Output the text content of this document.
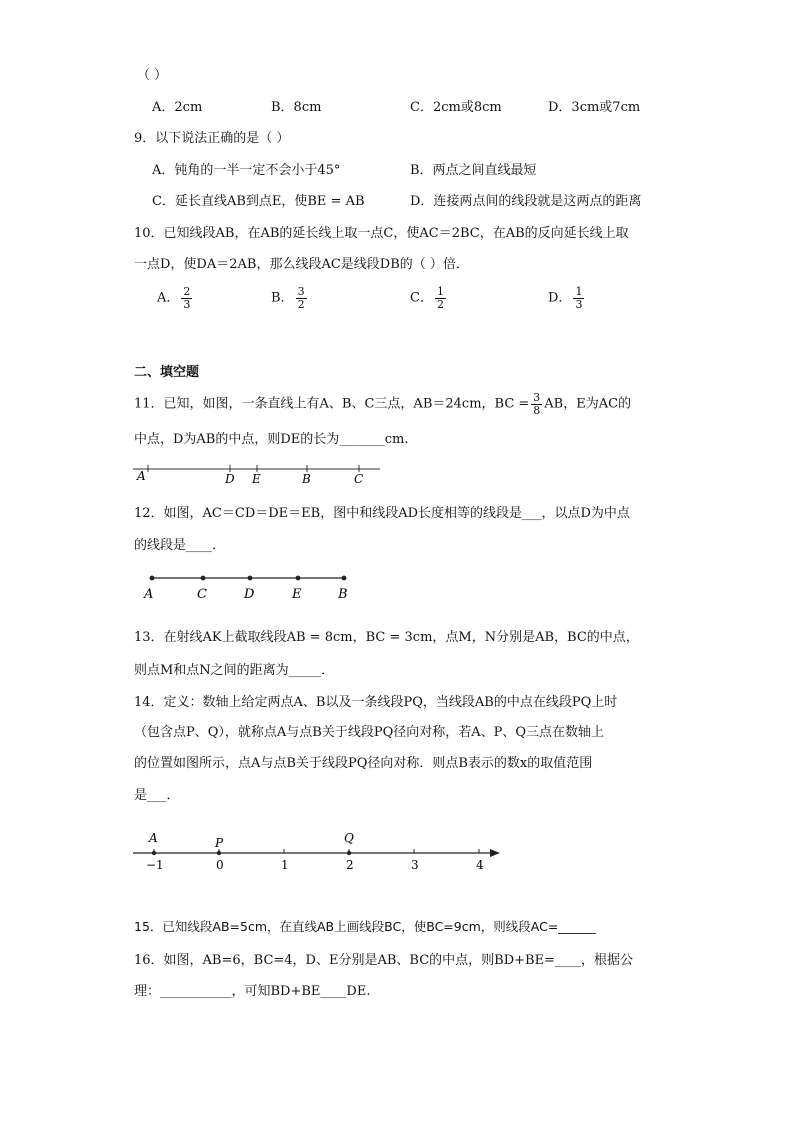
（ ）
A．2cm	B．8cm	C．2cm或8cm	D．3cm或7cm
9．以下说法正确的是（ ）
A．钝角的一半一定不会小于45°	B．两点之间直线最短
C．延长直线AB到点E，使BE = AB	D．连接两点间的线段就是这两点的距离
10．已知线段AB，在AB的延长线上取一点C，使AC＝2BC，在AB的反向延长线上取
一点D，使DA＝2AB，那么线段AC是线段DB的（ ）倍．
A． $\frac{2}{3}$	B． $\frac{3}{2}$	C． $\frac{1}{2}$	D． $\frac{1}{3}$
二、填空题
11．已知，如图，一条直线上有A、B、C三点，AB＝24cm，BC = $\frac{3}{8}$ AB，E为AC的
中点，D为AB的中点，则DE的长为_______cm.
A	D E	B	C
12．如图，AC＝CD＝DE＝EB，图中和线段AD长度相等的线段是___，以点D为中点
的线段是____．
A	C	D	E	B
13．在射线AK上截取线段AB = 8cm，BC = 3cm，点M，N分别是AB，BC的中点，
则点M和点N之间的距离为_____．
14．定义：数轴上给定两点A、B以及一条线段PQ，当线段AB的中点在线段PQ上时
（包含点P、Q），就称点A与点B关于线段PQ径向对称，若A、P、Q三点在数轴上
的位置如图所示，点A与点B关于线段PQ径向对称．则点B表示的数x的取值范围
是___．
−1	0	1	2	3	4
A	P	Q
15．已知线段AB=5cm，在直线AB上画线段BC，使BC=9cm，则线段AC=______
16．如图，AB=6，BC=4，D、E分别是AB、BC的中点，则BD+BE=____，根据公
理：___________，可知BD+BE____DE.
